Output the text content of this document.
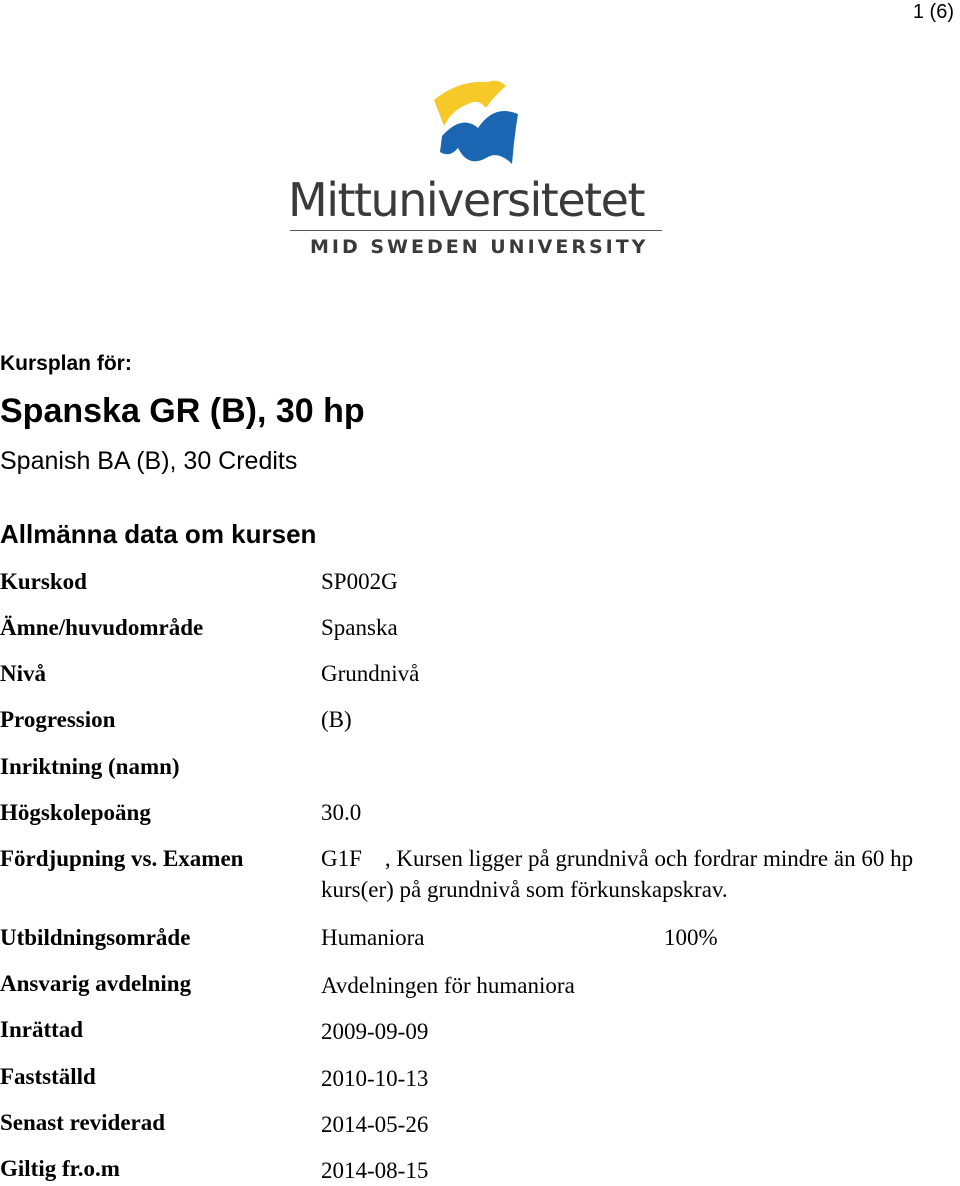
1 (6)
Mittuniversitetet
MID SWEDEN UNIVERSITY
Kursplan för:
Spanska GR (B), 30 hp
Spanish BA (B), 30 Credits
Allmänna data om kursen
Kurskod	SP002G
Ämne/huvudområde	Spanska
Nivå	Grundnivå
Progression	(B)
Inriktning (namn)
Högskolepoäng	30.0
Fördjupning vs. Examen	G1F    , Kursen ligger på grundnivå och fordrar mindre än 60 hp kurs(er) på grundnivå som förkunskapskrav.
Utbildningsområde	Humaniora	100%
Ansvarig avdelning	Avdelningen för humaniora
Inrättad	2009-09-09
Fastställd	2010-10-13
Senast reviderad	2014-05-26
Giltig fr.o.m	2014-08-15
